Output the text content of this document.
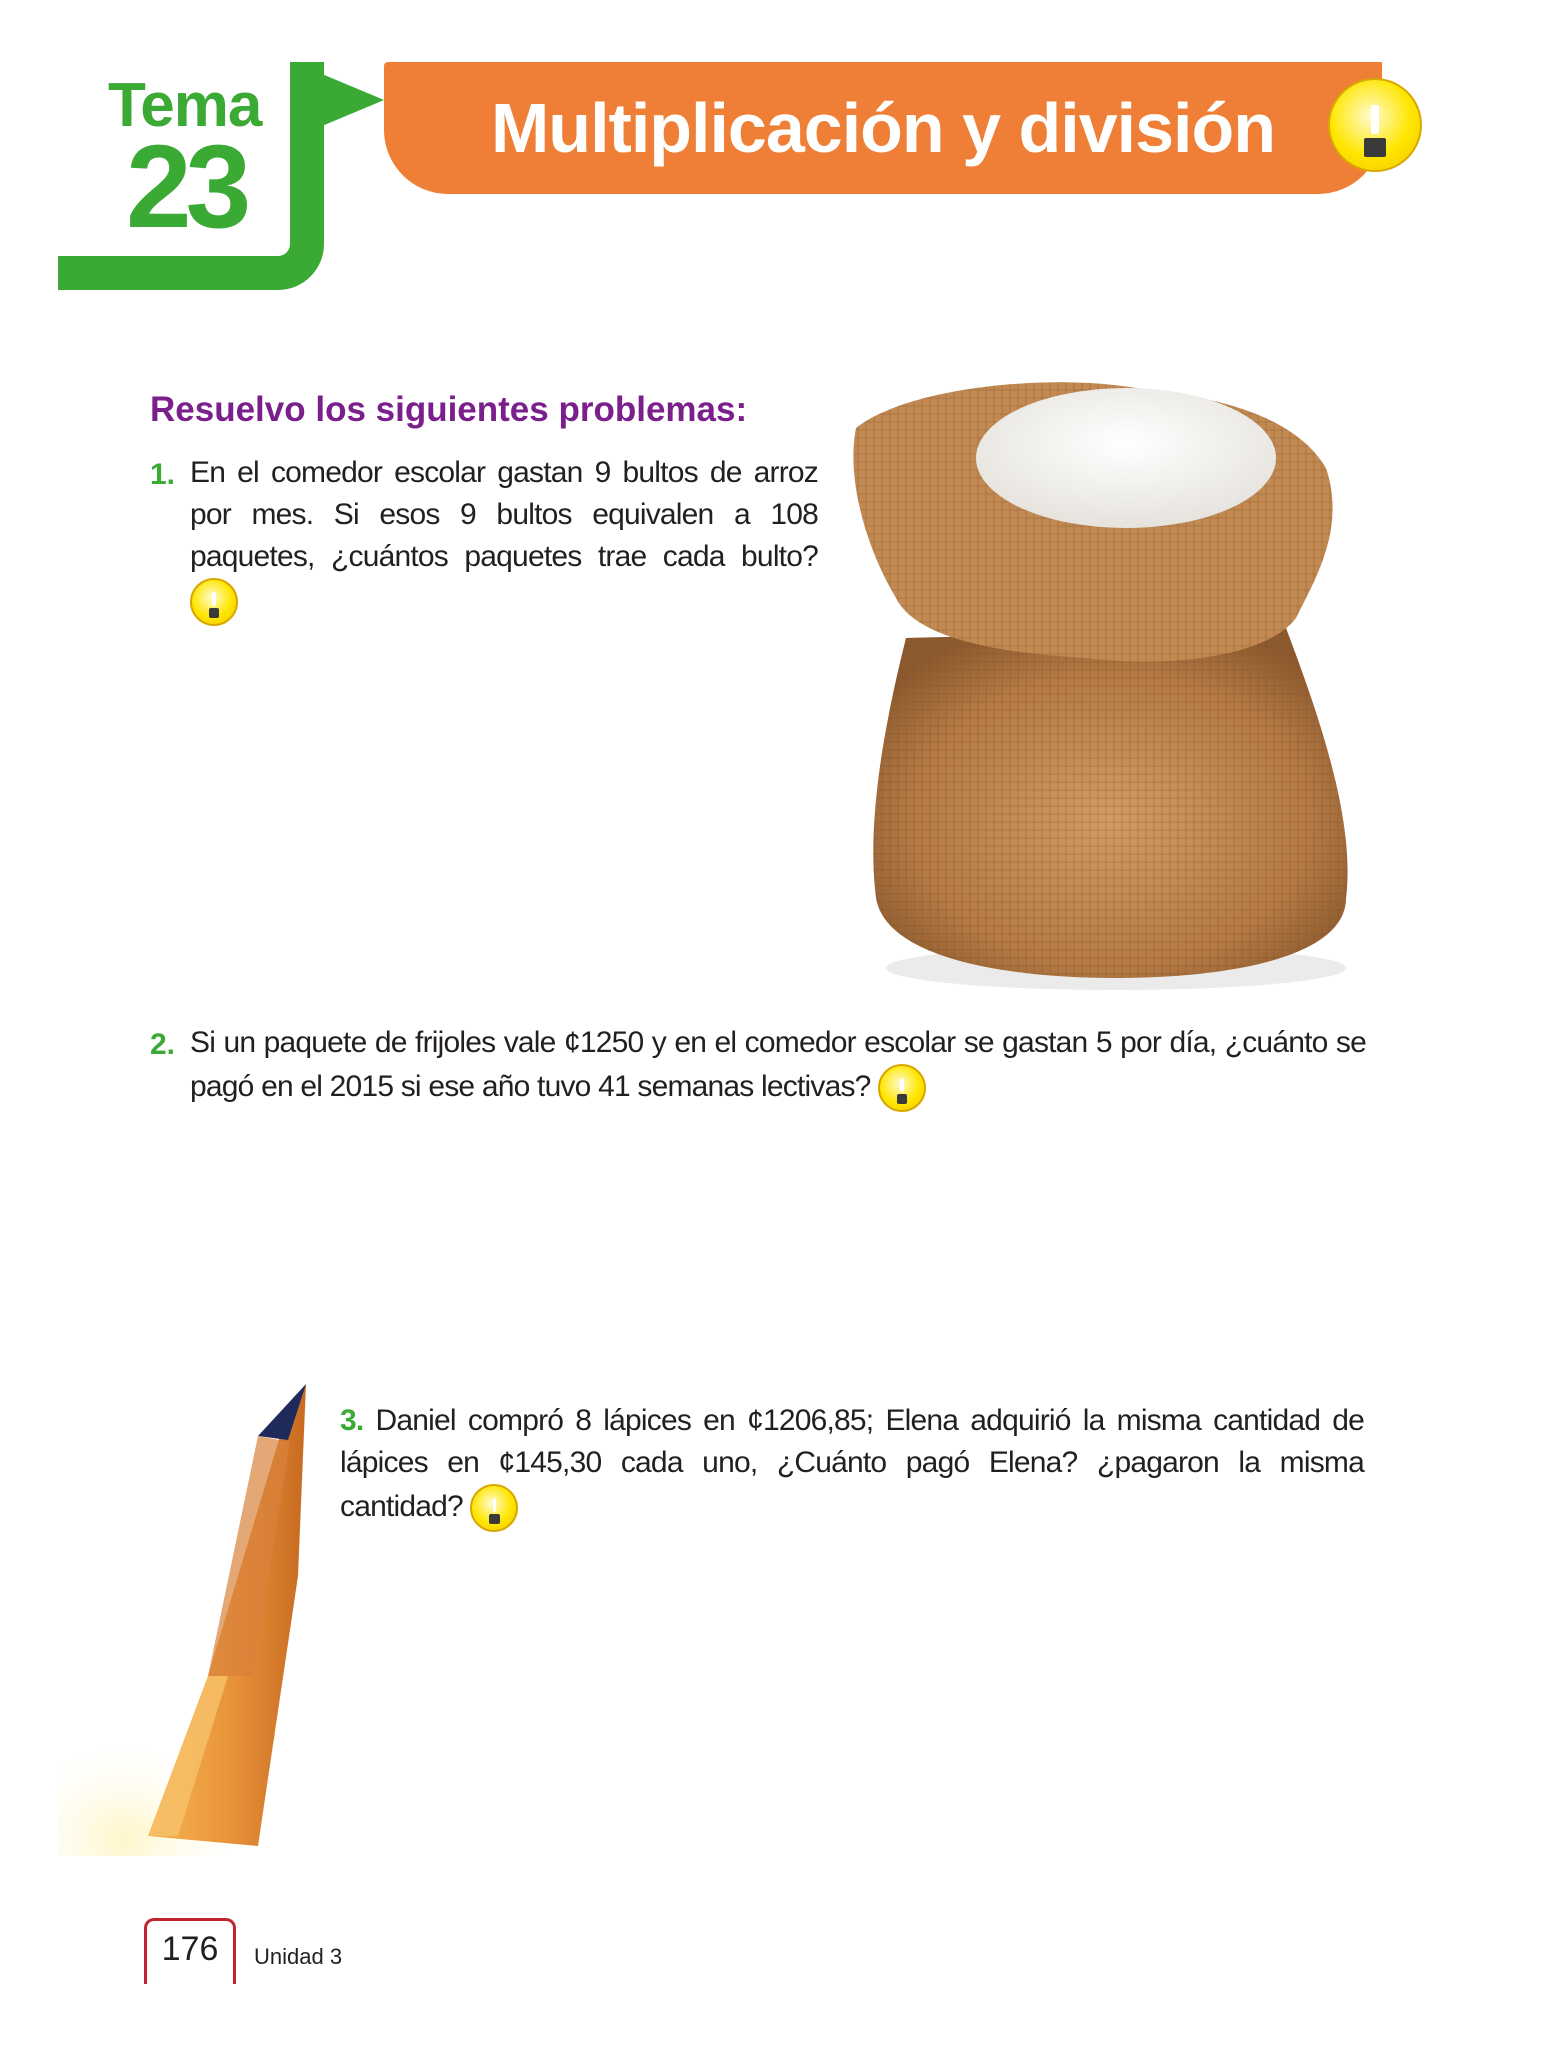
Tema
23	Multiplicación y división
Resuelvo los siguientes problemas:
1. En el comedor escolar gastan 9 bultos de arroz por mes. Si esos 9 bultos equivalen a 108 paquetes, ¿cuántos paquetes trae cada bulto?
2. Si un paquete de frijoles vale ¢1250 y en el comedor escolar se gastan 5 por día, ¿cuánto se pagó en el 2015 si ese año tuvo 41 semanas lectivas?
3. Daniel compró 8 lápices en ¢1206,85; Elena adquirió la misma cantidad de lápices en ¢145,30 cada uno, ¿Cuánto pagó Elena? ¿pagaron la misma cantidad?
176	Unidad 3
